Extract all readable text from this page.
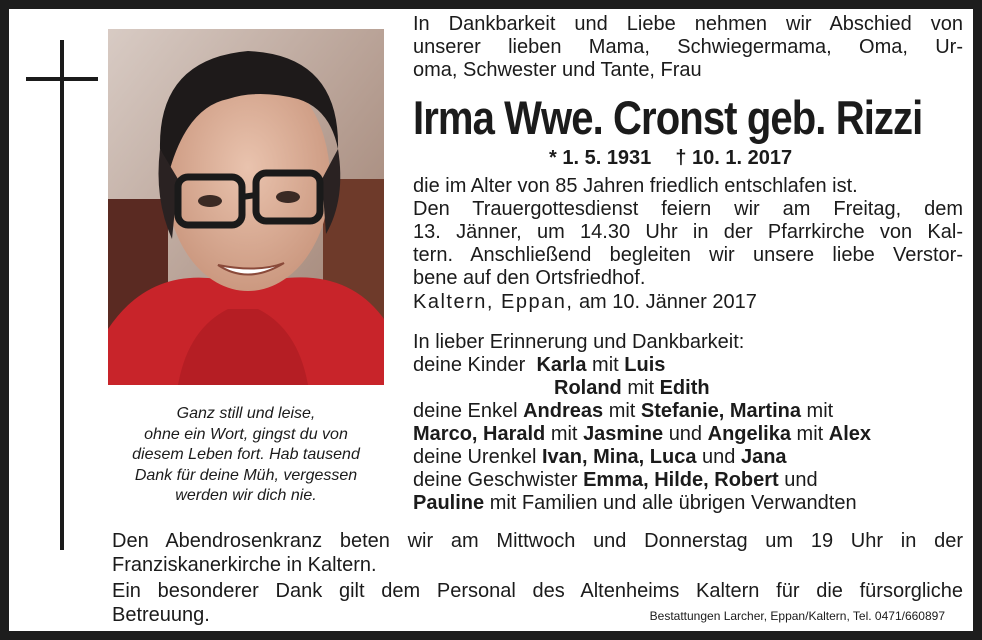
Ganz still und leise,
ohne ein Wort, gingst du von
diesem Leben fort. Hab tausend
Dank für deine Müh, vergessen
werden wir dich nie.
In Dankbarkeit und Liebe nehmen wir Abschied von
unserer lieben Mama, Schwiegermama, Oma, Ur-
oma, Schwester und Tante, Frau
Irma Wwe. Cronst geb. Rizzi
* 1. 5. 1931 † 10. 1. 2017
die im Alter von 85 Jahren friedlich entschlafen ist.
Den Trauergottesdienst feiern wir am Freitag, dem
13. Jänner, um 14.30 Uhr in der Pfarrkirche von Kal-
tern. Anschließend begleiten wir unsere liebe Verstor-
bene auf den Ortsfriedhof.
Kaltern, Eppan, am 10. Jänner 2017
In lieber Erinnerung und Dankbarkeit:
deine Kinder Karla mit Luis
Roland mit Edith
deine Enkel Andreas mit Stefanie, Martina mit
Marco, Harald mit Jasmine und Angelika mit Alex
deine Urenkel Ivan, Mina, Luca und Jana
deine Geschwister Emma, Hilde, Robert und
Pauline mit Familien und alle übrigen Verwandten
Den Abendrosenkranz beten wir am Mittwoch und Donnerstag um 19 Uhr in der
Franziskanerkirche in Kaltern.
Ein besonderer Dank gilt dem Personal des Altenheims Kaltern für die fürsorgliche
Betreuung.	Bestattungen Larcher, Eppan/Kaltern, Tel. 0471/660897
